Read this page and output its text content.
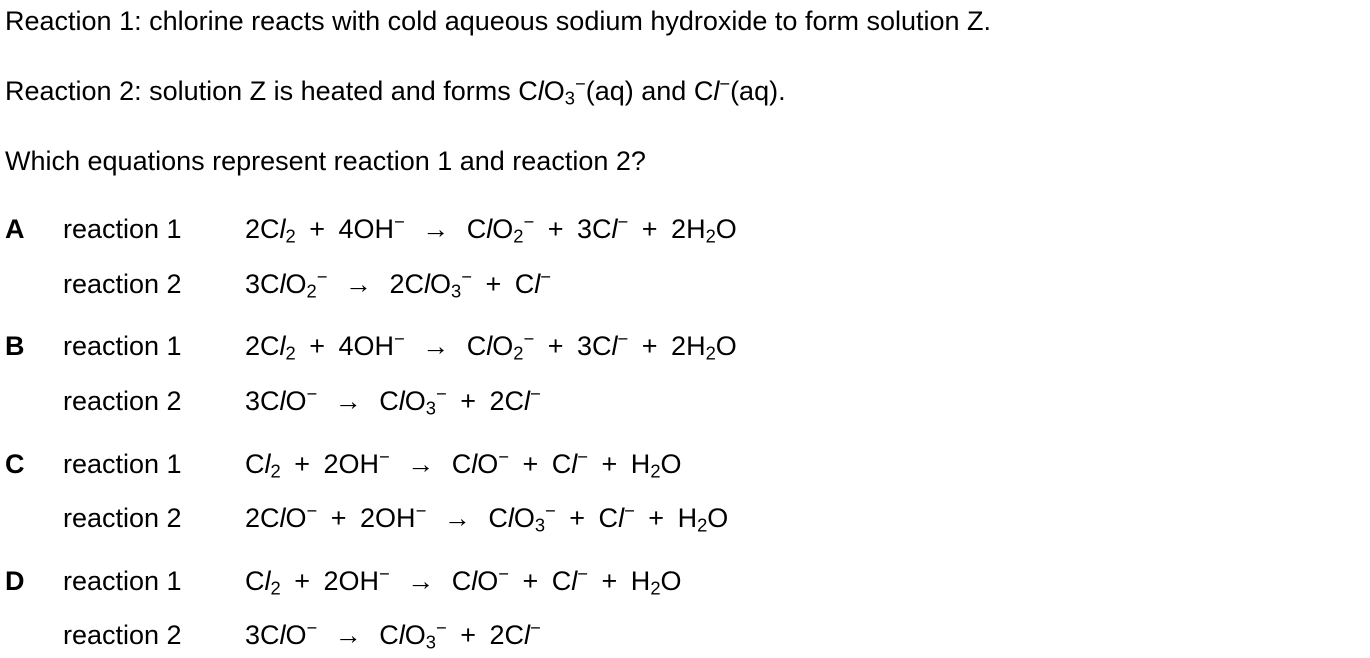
Reaction 1: chlorine reacts with cold aqueous sodium hydroxide to form solution Z.
Reaction 2: solution Z is heated and forms ClO$_3$−(aq) and Cl−(aq).
Which equations represent reaction 1 and reaction 2?
A reaction 1 $2Cl_2 + 4OH^- \to ClO_2^- + 3Cl^- + 2H_2O$
reaction 2 3ClO$_2$− → 2ClO$_3$− + Cl−
B reaction 1 $2Cl_2 + 4OH^- \to ClO_2^- + 3Cl^- + 2H_2O$
reaction 2 3ClO− → ClO$_3$− + 2Cl−
C reaction 1 $Cl_2 + 2OH^- \to ClO^- + Cl^- + H_2O$
reaction 2 $2ClO^- + 2OH^- \to ClO_3^- + Cl^- + H_2O$
D reaction 1 $Cl_2 + 2OH^- \to ClO^- + Cl^- + H_2O$
reaction 2 3ClO− → ClO$_3$− + 2Cl−
